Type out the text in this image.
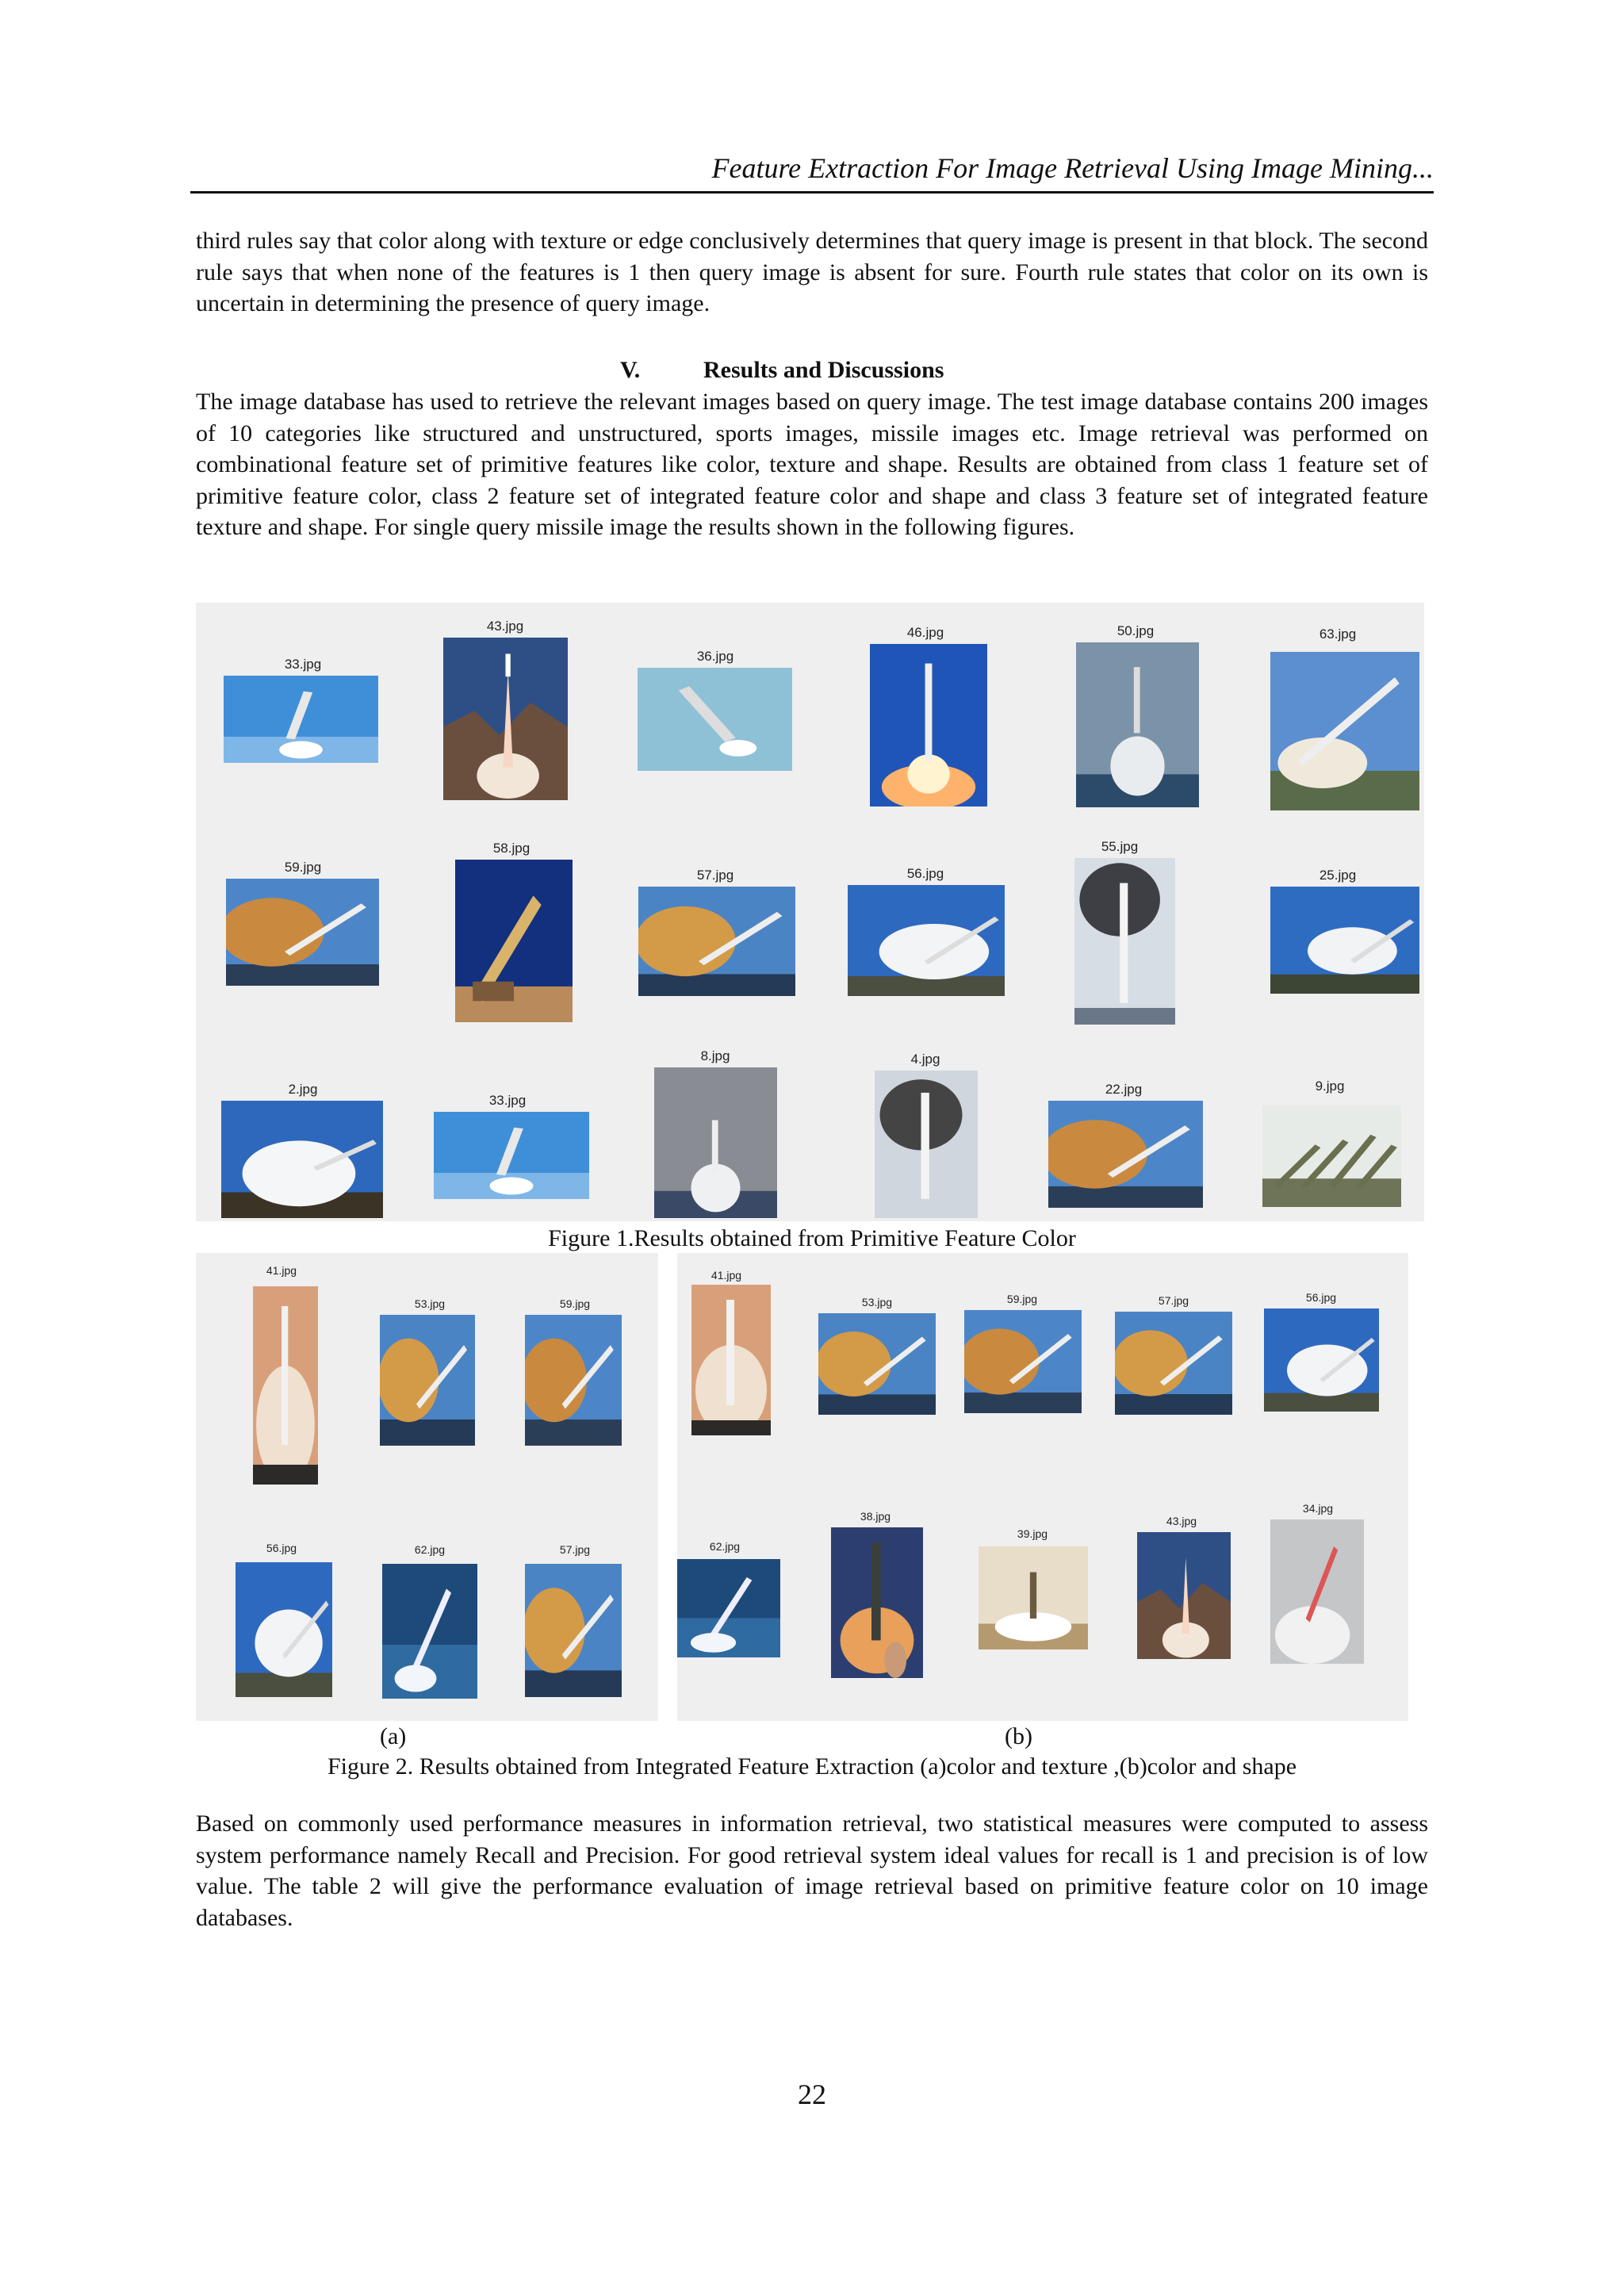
Feature Extraction For Image Retrieval Using Image Mining...
third rules say that color along with texture or edge conclusively determines that query image is present in that block. The second rule says that when none of the features is 1 then query image is absent for sure. Fourth rule states that color on its own is uncertain in determining the presence of query image.
V.	Results and Discussions
The image database has used to retrieve the relevant images based on query image. The test image database contains 200 images of 10 categories like structured and unstructured, sports images, missile images etc. Image retrieval was performed on combinational feature set of primitive features like color, texture and shape. Results are obtained from class 1 feature set of primitive feature color, class 2 feature set of integrated feature color and shape and class 3 feature set of integrated feature texture and shape. For single query missile image the results shown in the following figures.
33.jpg
43.jpg
36.jpg
46.jpg	50.jpg	63.jpg
59.jpg
58.jpg
57.jpg	56.jpg
55.jpg
25.jpg
2.jpg
33.jpg
8.jpg	4.jpg
22.jpg	9.jpg
Figure 1.Results obtained from Primitive Feature Color
41.jpg
53.jpg	59.jpg
56.jpg	62.jpg	57.jpg
41.jpg
53.jpg	59.jpg	57.jpg	56.jpg
62.jpg
38.jpg
39.jpg
43.jpg
34.jpg
(a)	(b)
Figure 2. Results obtained from Integrated Feature Extraction (a)color and texture ,(b)color and shape
Based on commonly used performance measures in information retrieval, two statistical measures were computed to assess system performance namely Recall and Precision. For good retrieval system ideal values for recall is 1 and precision is of low value. The table 2 will give the performance evaluation of image retrieval based on primitive feature color on 10 image databases.
22
